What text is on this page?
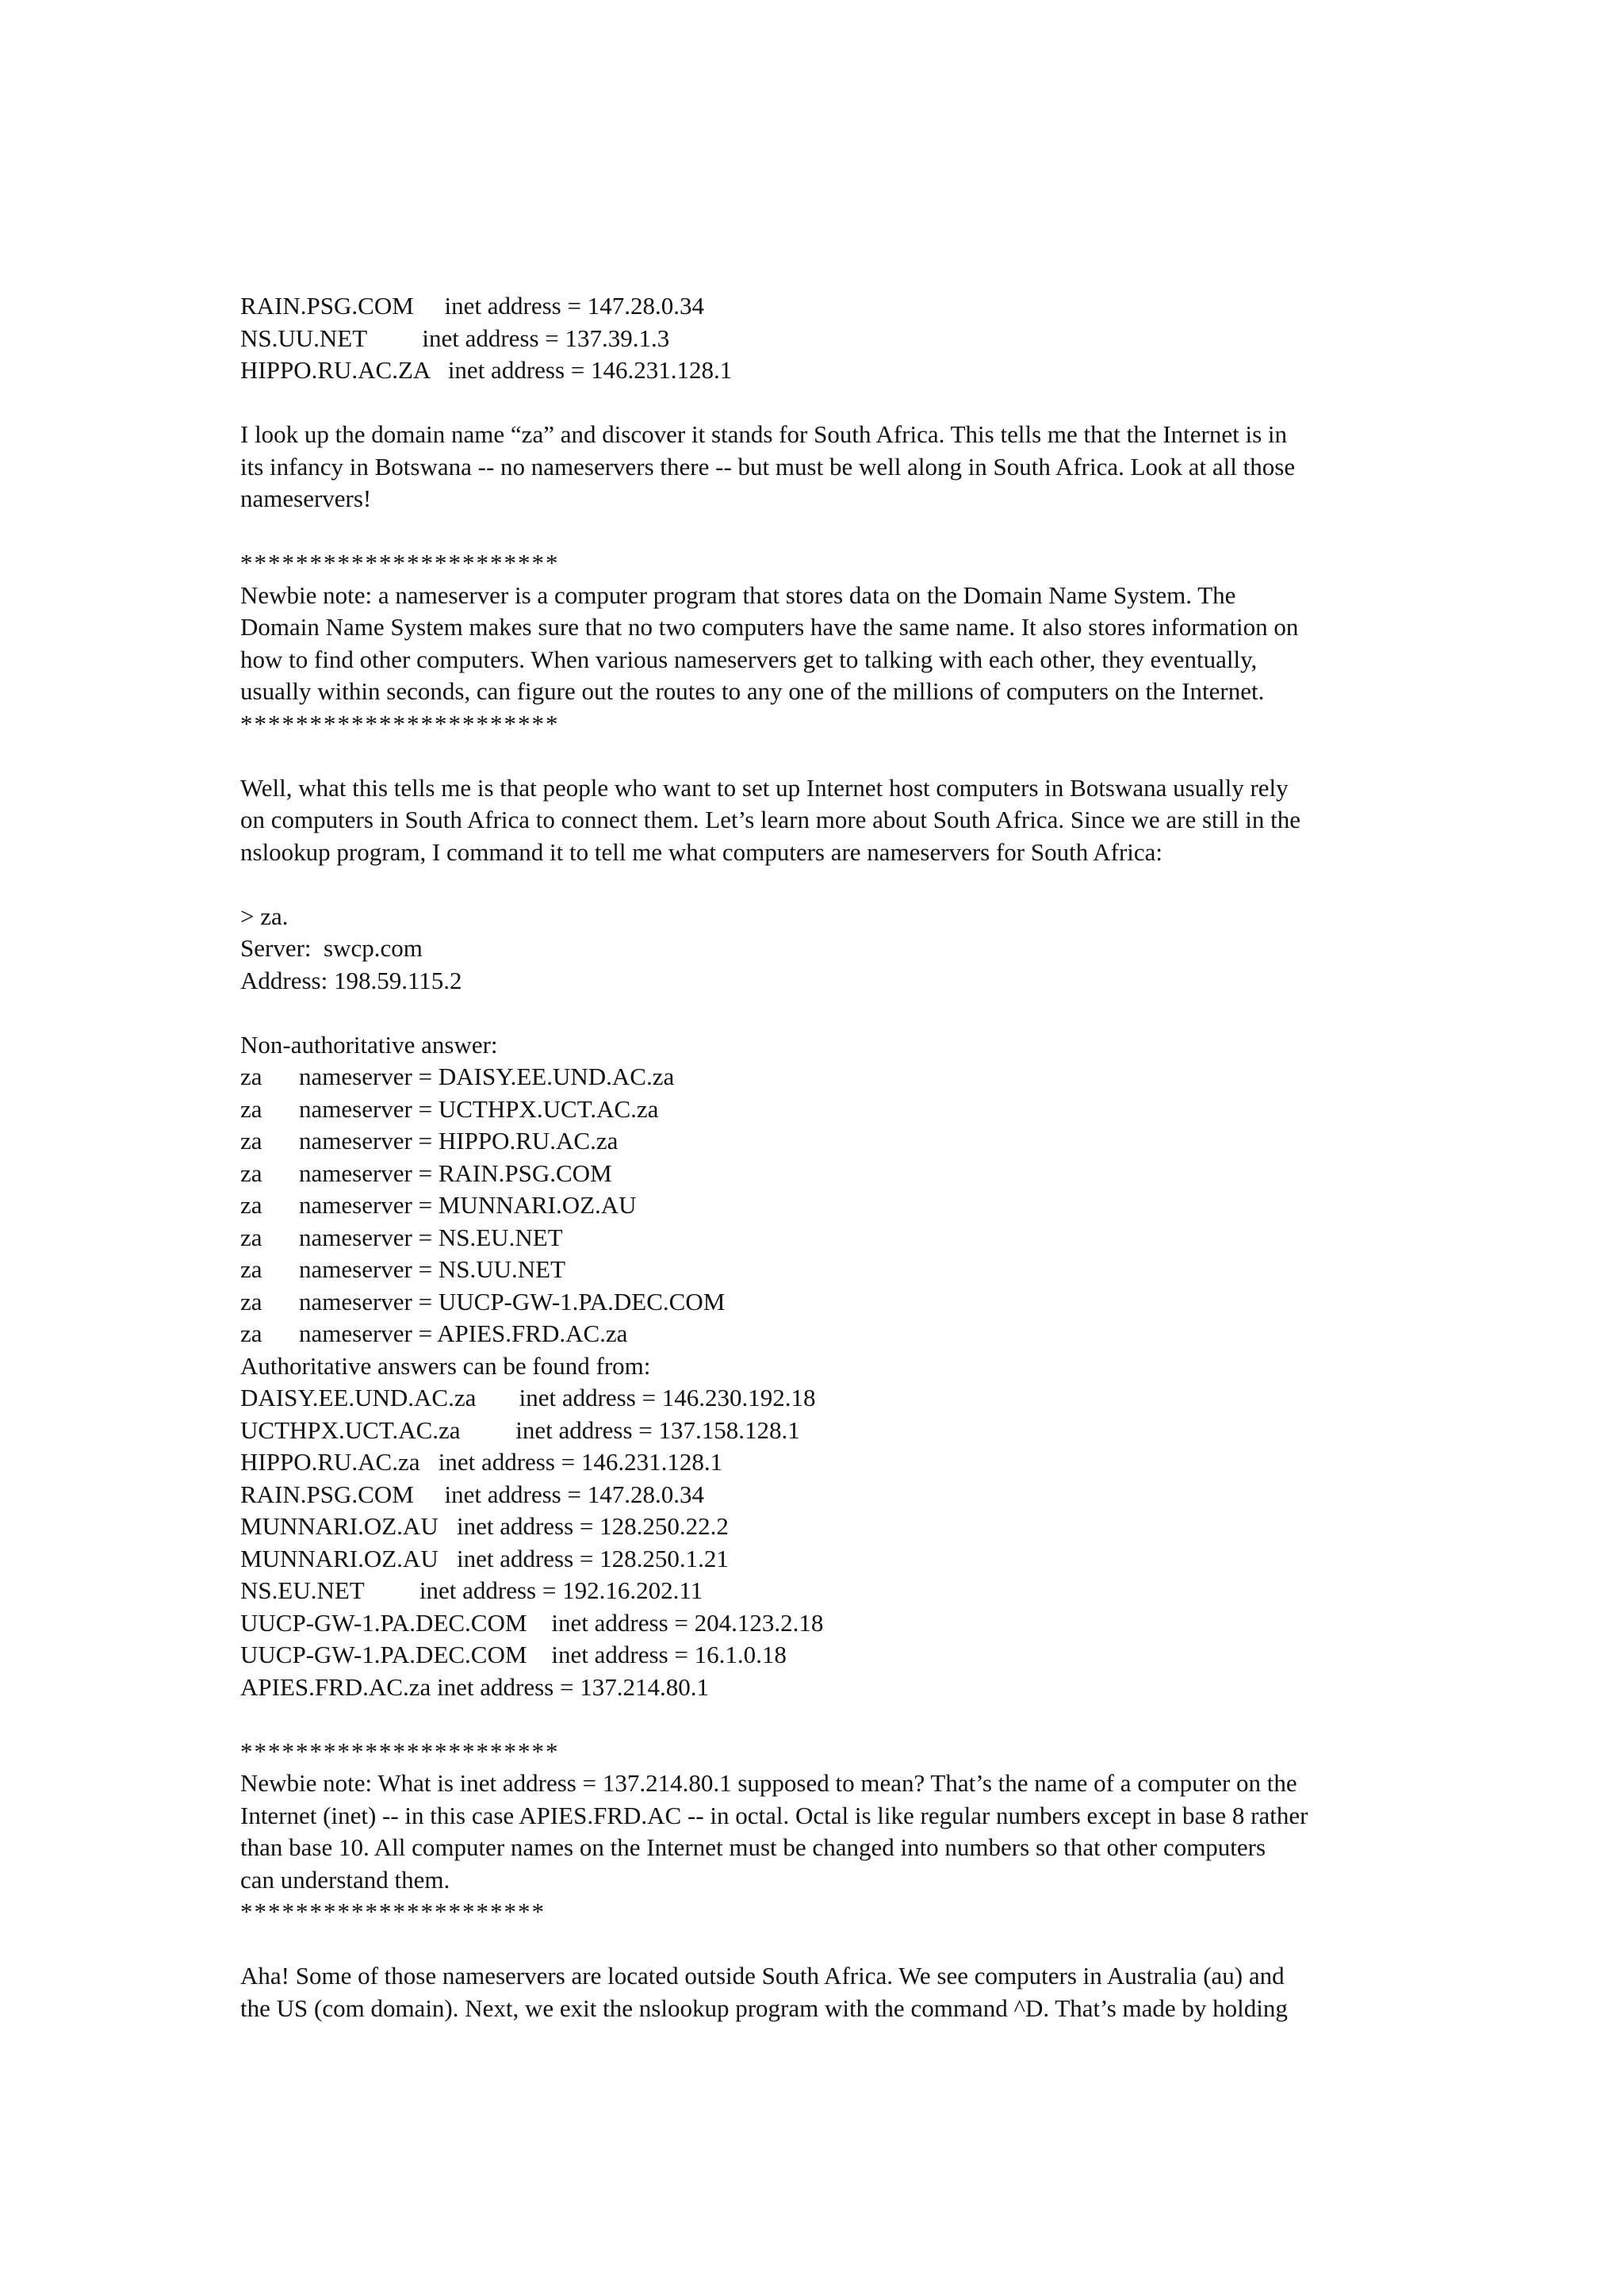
RAIN.PSG.COM     inet address = 147.28.0.34
NS.UU.NET         inet address = 137.39.1.3
HIPPO.RU.AC.ZA   inet address = 146.231.128.1
I look up the domain name “za” and discover it stands for South Africa. This tells me that the Internet is in
its infancy in Botswana -- no nameservers there -- but must be well along in South Africa. Look at all those
nameservers!
***********************
Newbie note: a nameserver is a computer program that stores data on the Domain Name System. The
Domain Name System makes sure that no two computers have the same name. It also stores information on
how to find other computers. When various nameservers get to talking with each other, they eventually,
usually within seconds, can figure out the routes to any one of the millions of computers on the Internet.
***********************
Well, what this tells me is that people who want to set up Internet host computers in Botswana usually rely
on computers in South Africa to connect them. Let’s learn more about South Africa. Since we are still in the
nslookup program, I command it to tell me what computers are nameservers for South Africa:
> za.
Server:  swcp.com
Address: 198.59.115.2
Non-authoritative answer:
za      nameserver = DAISY.EE.UND.AC.za
za      nameserver = UCTHPX.UCT.AC.za
za      nameserver = HIPPO.RU.AC.za
za      nameserver = RAIN.PSG.COM
za      nameserver = MUNNARI.OZ.AU
za      nameserver = NS.EU.NET
za      nameserver = NS.UU.NET
za      nameserver = UUCP-GW-1.PA.DEC.COM
za      nameserver = APIES.FRD.AC.za
Authoritative answers can be found from:
DAISY.EE.UND.AC.za       inet address = 146.230.192.18
UCTHPX.UCT.AC.za         inet address = 137.158.128.1
HIPPO.RU.AC.za   inet address = 146.231.128.1
RAIN.PSG.COM     inet address = 147.28.0.34
MUNNARI.OZ.AU   inet address = 128.250.22.2
MUNNARI.OZ.AU   inet address = 128.250.1.21
NS.EU.NET         inet address = 192.16.202.11
UUCP-GW-1.PA.DEC.COM    inet address = 204.123.2.18
UUCP-GW-1.PA.DEC.COM    inet address = 16.1.0.18
APIES.FRD.AC.za inet address = 137.214.80.1
***********************
Newbie note: What is inet address = 137.214.80.1 supposed to mean? That’s the name of a computer on the
Internet (inet) -- in this case APIES.FRD.AC -- in octal. Octal is like regular numbers except in base 8 rather
than base 10. All computer names on the Internet must be changed into numbers so that other computers
can understand them.
**********************
Aha! Some of those nameservers are located outside South Africa. We see computers in Australia (au) and
the US (com domain). Next, we exit the nslookup program with the command ^D. That’s made by holding
